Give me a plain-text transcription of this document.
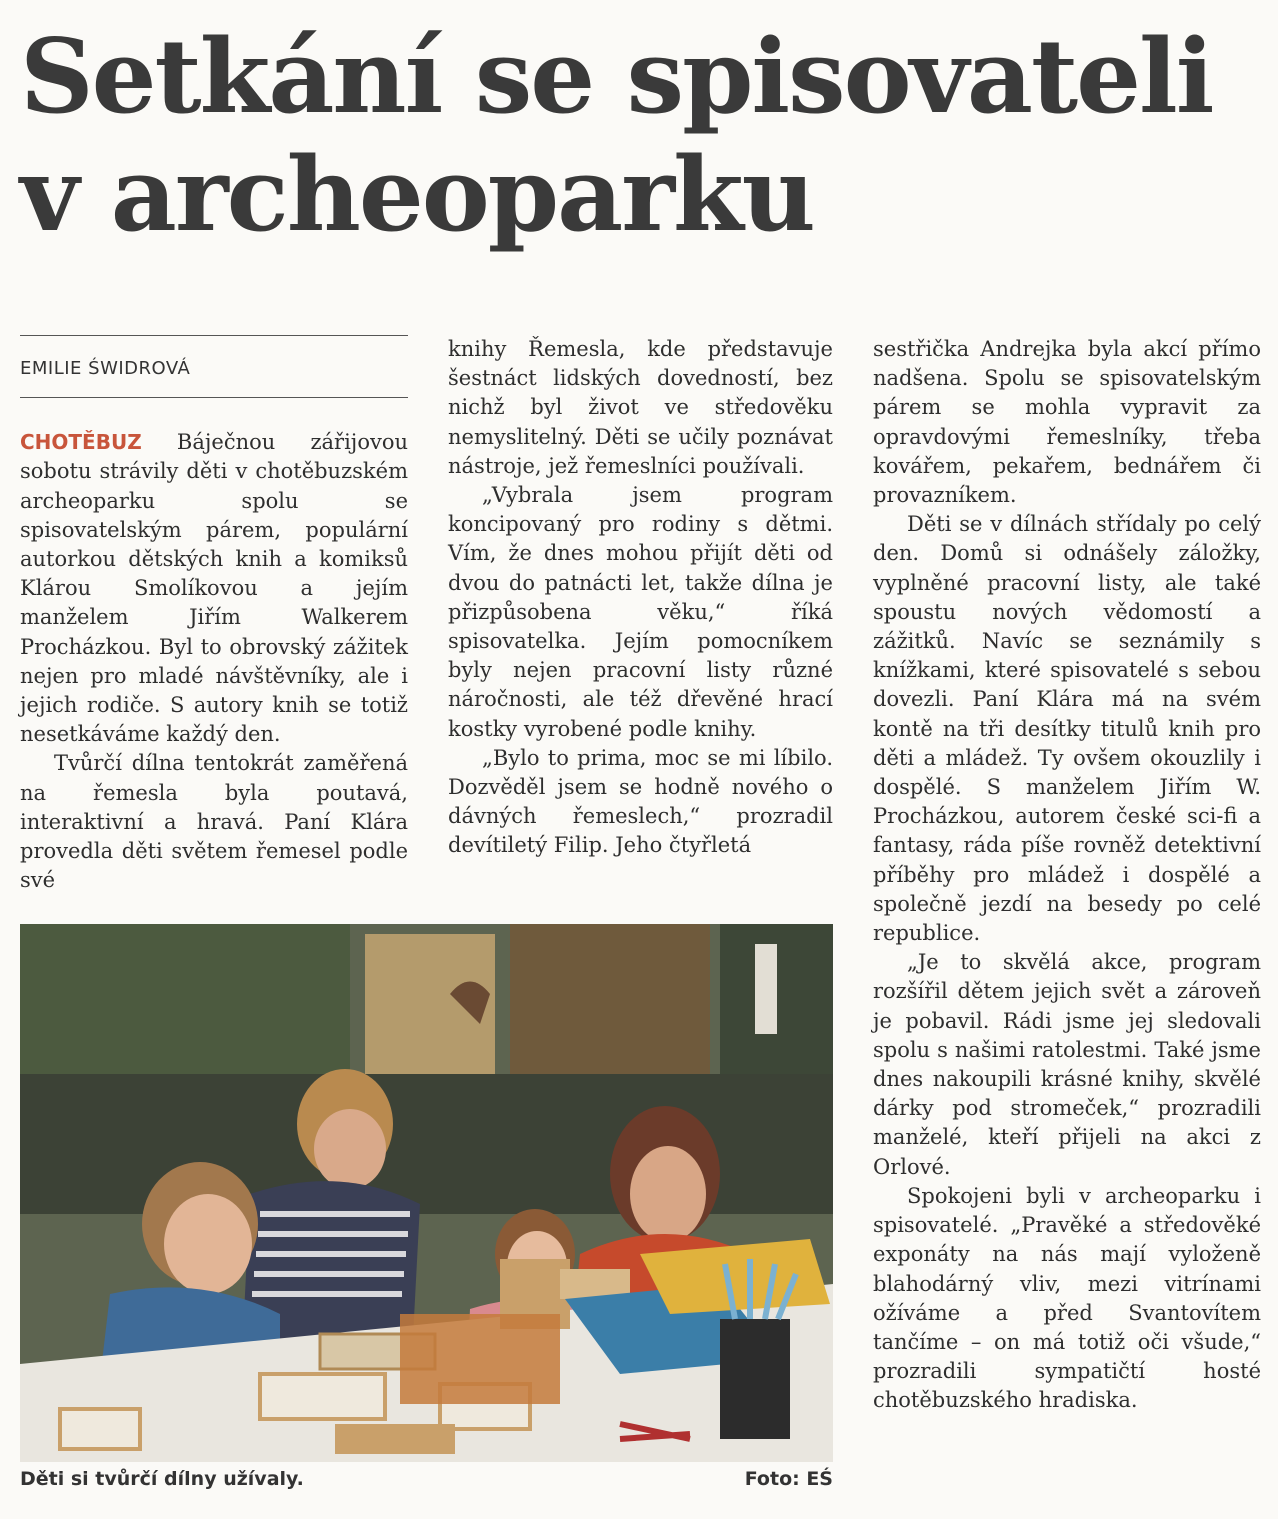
Setkání se spisovateli
v archeoparku
EMILIE ŚWIDROVÁ

CHOTĚBUZ Báječnou zářijovou sobotu strávily děti v chotěbuzském archeoparku spolu se spisovatelským párem, populární autorkou dětských knih a komiksů Klárou Smolíkovou a jejím manželem Jiřím Walkerem Procházkou. Byl to obrovský zážitek nejen pro mladé návštěvníky, ale i jejich rodiče. S autory knih se totiž nesetkáváme každý den.

Tvůrčí dílna tentokrát zaměřená na řemesla byla poutavá, interaktivní a hravá. Paní Klára provedla děti světem řemesel podle své

knihy Řemesla, kde představuje šestnáct lidských dovedností, bez nichž byl život ve středověku nemyslitelný. Děti se učily poznávat nástroje, jež řemeslníci používali.

„Vybrala jsem program koncipovaný pro rodiny s dětmi. Vím, že dnes mohou přijít děti od dvou do patnácti let, takže dílna je přizpůsobena věku,“ říká spisovatelka. Jejím pomocníkem byly nejen pracovní listy různé náročnosti, ale též dřevěné hrací kostky vyrobené podle knihy.

„Bylo to prima, moc se mi líbilo. Dozvěděl jsem se hodně nového o dávných řemeslech,“ prozradil devítiletý Filip. Jeho čtyřletá

sestřička Andrejka byla akcí přímo nadšena. Spolu se spisovatelským párem se mohla vypravit za opravdovými řemeslníky, třeba kovářem, pekařem, bednářem či provazníkem.

Děti se v dílnách střídaly po celý den. Domů si odnášely záložky, vyplněné pracovní listy, ale také spoustu nových vědomostí a zážitků. Navíc se seznámily s knížkami, které spisovatelé s sebou dovezli. Paní Klára má na svém kontě na tři desítky titulů knih pro děti a mládež. Ty ovšem okouzlily i dospělé. S manželem Jiřím W. Procházkou, autorem české sci-fi a fantasy, ráda píše rovněž detektivní příběhy pro mládež i dospělé a společně jezdí na besedy po celé republice.

„Je to skvělá akce, program rozšířil dětem jejich svět a zároveň je pobavil. Rádi jsme jej sledovali spolu s našimi ratolestmi. Také jsme dnes nakoupili krásné knihy, skvělé dárky pod stromeček,“ prozradili manželé, kteří přijeli na akci z Orlové.

Spokojeni byli v archeoparku i spisovatelé. „Pravěké a středověké exponáty na nás mají vyloženě blahodárný vliv, mezi vitrínami ožíváme a před Svantovítem tančíme – on má totiž oči všude,“ prozradili sympatičtí hosté chotěbuzského hradiska.

Děti si tvůrčí dílny užívaly.	Foto: EŚ
